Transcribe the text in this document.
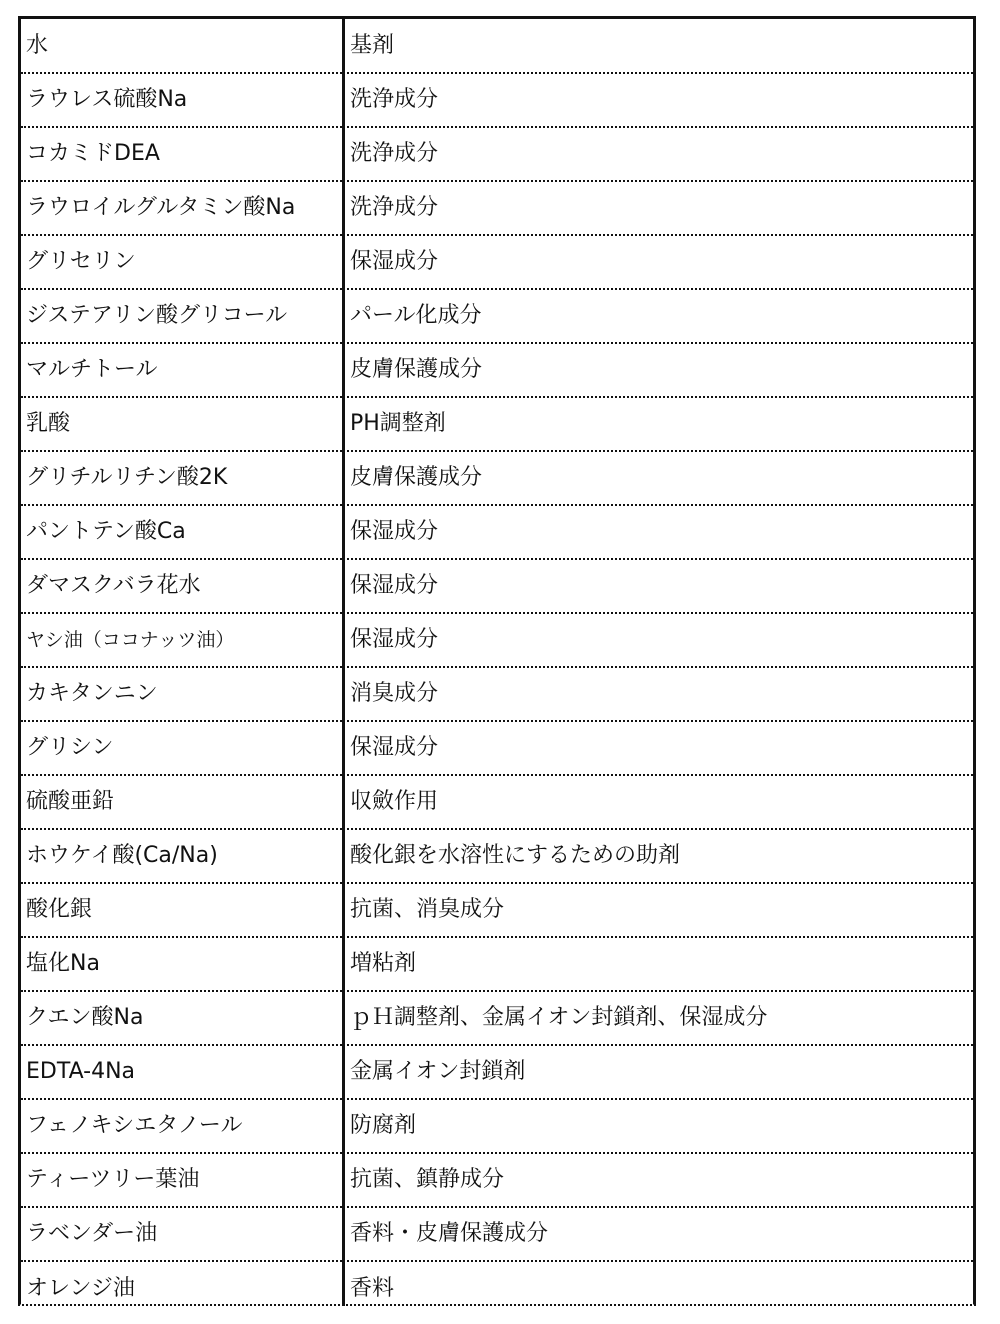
水	基剤
ラウレス硫酸Na	洗浄成分
コカミドDEA	洗浄成分
ラウロイルグルタミン酸Na	洗浄成分
グリセリン	保湿成分
ジステアリン酸グリコール	パール化成分
マルチトール	皮膚保護成分
乳酸	PH調整剤
グリチルリチン酸2K	皮膚保護成分
パントテン酸Ca	保湿成分
ダマスクバラ花水	保湿成分
ヤシ油（ココナッツ油）	保湿成分
カキタンニン	消臭成分
グリシン	保湿成分
硫酸亜鉛	収斂作用
ホウケイ酸(Ca/Na)	酸化銀を水溶性にするための助剤
酸化銀	抗菌、消臭成分
塩化Na	増粘剤
クエン酸Na	ｐＨ調整剤、金属イオン封鎖剤、保湿成分
EDTA-4Na	金属イオン封鎖剤
フェノキシエタノール	防腐剤
ティーツリー葉油	抗菌、鎮静成分
ラベンダー油	香料・皮膚保護成分
オレンジ油	香料
